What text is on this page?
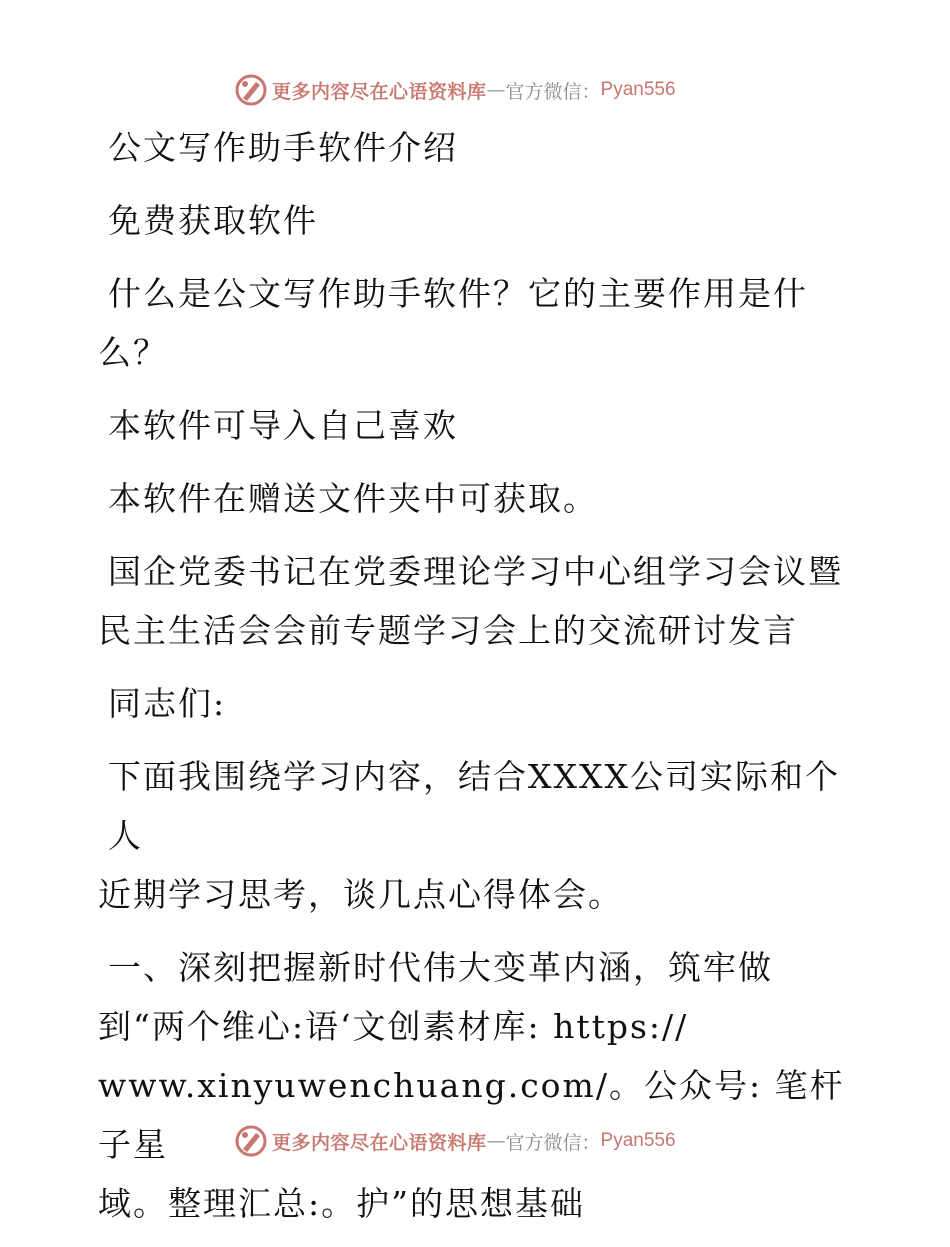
更多内容尽在心语资料库 — 官方微信： Pyan556

公文写作助手软件介绍

免费获取软件

什么是公文写作助手软件？它的主要作用是什
么？

本软件可导入自己喜欢

本软件在赠送文件夹中可获取。

国企党委书记在党委理论学习中心组学习会议暨
民主生活会会前专题学习会上的交流研讨发言

同志们:

下面我围绕学习内容，结合XXXX公司实际和个人
近期学习思考，谈几点心得体会。

一、深刻把握新时代伟大变革内涵，筑牢做
到“两个维心:语‘文创素材库: https://
www.xinyuwenchuang.com/。公众号: 笔杆子星
域。整理汇总:。护”的思想基础

更多内容尽在心语资料库 — 官方微信： Pyan556
